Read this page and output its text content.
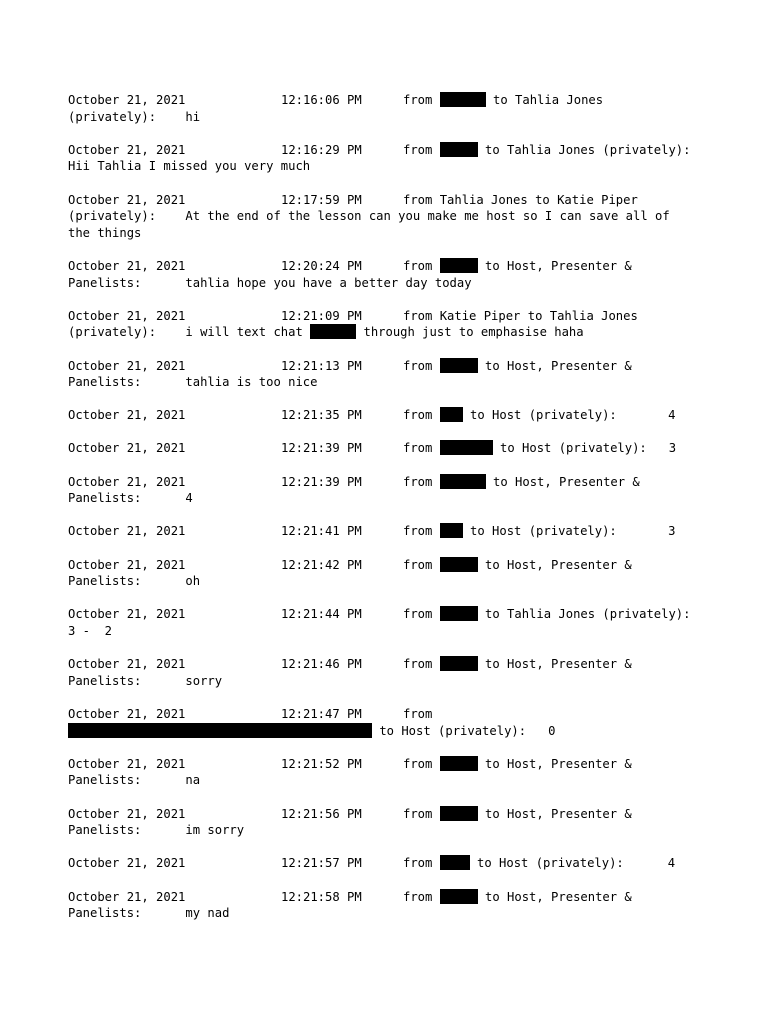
October 21, 2021	12:16:06 PM	from	to Tahlia Jones
(privately):    hi
October 21, 2021	12:16:29 PM	from	to Tahlia Jones (privately):
Hii Tahlia I missed you very much
October 21, 2021	12:17:59 PM	from Tahlia Jones to Katie Piper
(privately):    At the end of the lesson can you make me host so I can save all of
the things
October 21, 2021	12:20:24 PM	from	to Host, Presenter &
Panelists:      tahlia hope you have a better day today
October 21, 2021	12:21:09 PM	from Katie Piper to Tahlia Jones
(privately):    i will text chat	through just to emphasise haha
October 21, 2021	12:21:13 PM	from	to Host, Presenter &
Panelists:      tahlia is too nice
October 21, 2021	12:21:35 PM	from  to Host (privately):       4
October 21, 2021	12:21:39 PM	from	to Host (privately):   3
October 21, 2021	12:21:39 PM	from	to Host, Presenter &
Panelists:      4
October 21, 2021	12:21:41 PM	from  to Host (privately):       3
October 21, 2021	12:21:42 PM	from	to Host, Presenter &
Panelists:      oh
October 21, 2021	12:21:44 PM	from	to Tahlia Jones (privately):
3 -  2
October 21, 2021	12:21:46 PM	from	to Host, Presenter &
Panelists:      sorry
October 21, 2021	12:21:47 PM	from
to Host (privately):   0
October 21, 2021	12:21:52 PM	from	to Host, Presenter &
Panelists:      na
October 21, 2021	12:21:56 PM	from	to Host, Presenter &
Panelists:      im sorry
October 21, 2021	12:21:57 PM	from  to Host (privately):      4
October 21, 2021	12:21:58 PM	from	to Host, Presenter &
Panelists:      my nad
